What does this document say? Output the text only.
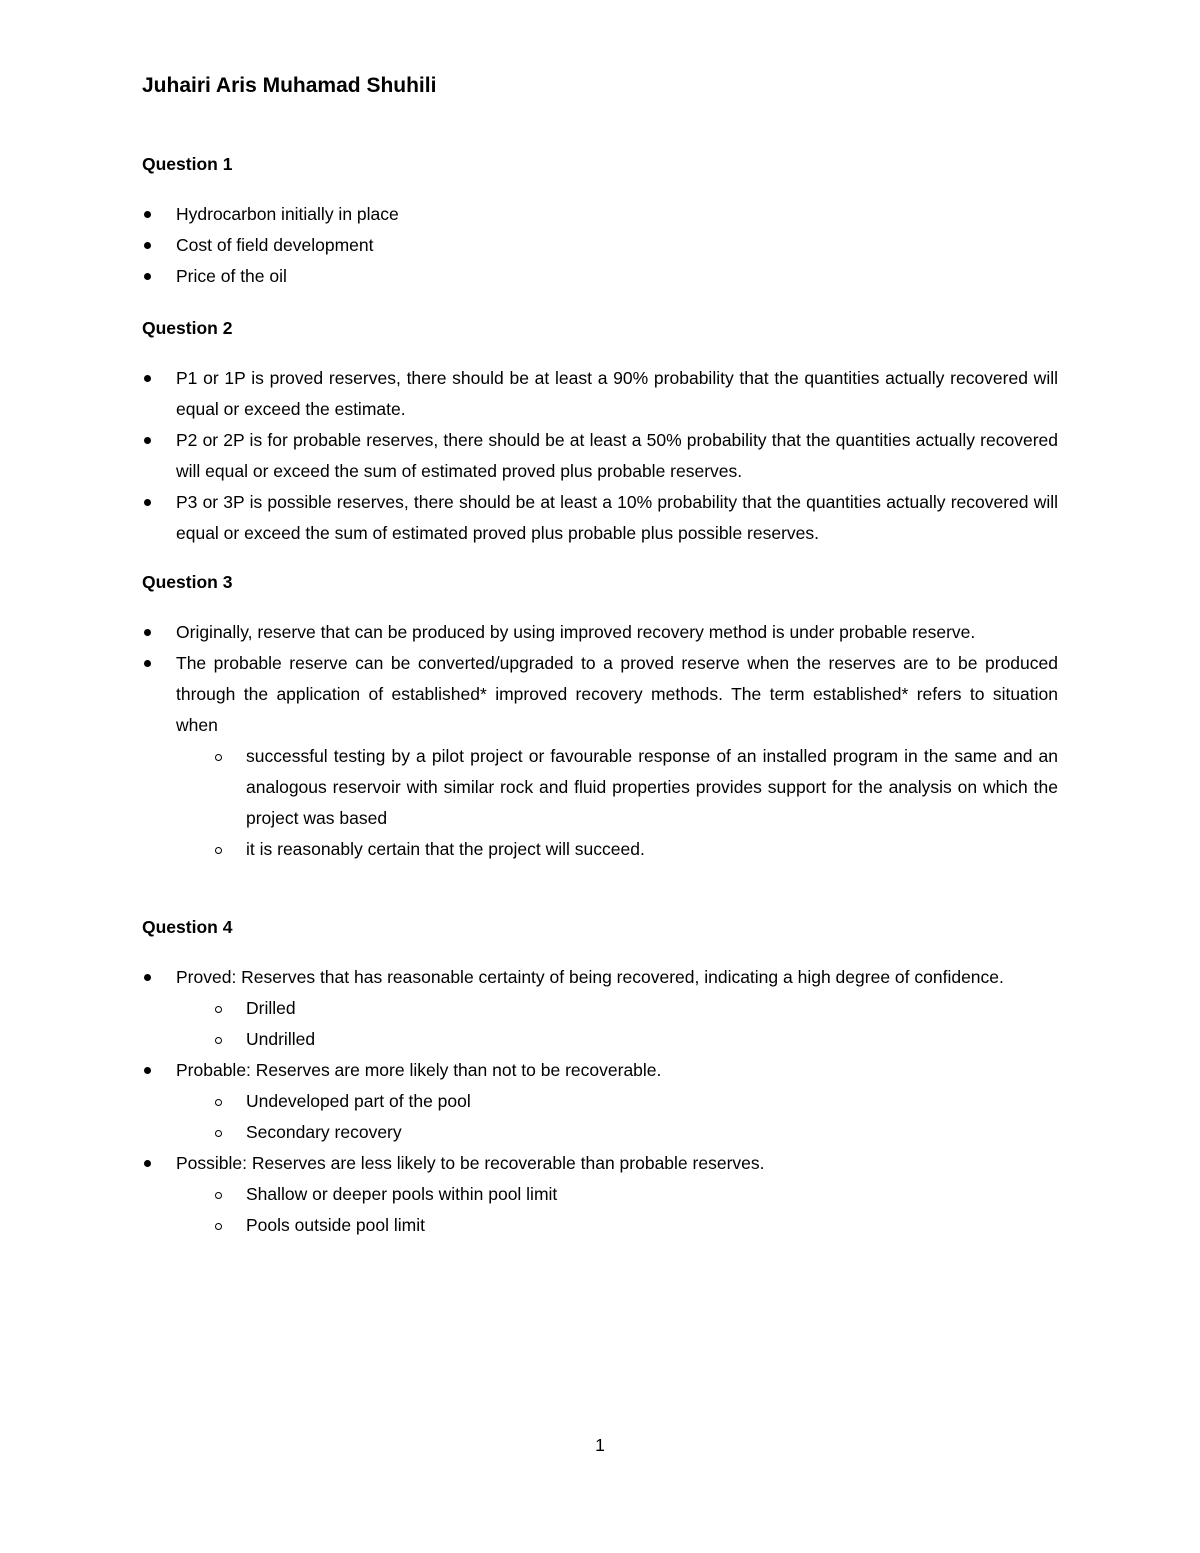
Juhairi Aris Muhamad Shuhili

Question 1

Hydrocarbon initially in place
Cost of field development
Price of the oil

Question 2

P1 or 1P is proved reserves, there should be at least a 90% probability that the quantities actually recovered will equal or exceed the estimate.
P2 or 2P is for probable reserves, there should be at least a 50% probability that the quantities actually recovered will equal or exceed the sum of estimated proved plus probable reserves.
P3 or 3P is possible reserves, there should be at least a 10% probability that the quantities actually recovered will equal or exceed the sum of estimated proved plus probable plus possible reserves.

Question 3

Originally, reserve that can be produced by using improved recovery method is under probable reserve.
The probable reserve can be converted/upgraded to a proved reserve when the reserves are to be produced through the application of established* improved recovery methods. The term established* refers to situation when
successful testing by a pilot project or favourable response of an installed program in the same and an analogous reservoir with similar rock and fluid properties provides support for the analysis on which the project was based
it is reasonably certain that the project will succeed.

Question 4

Proved: Reserves that has reasonable certainty of being recovered, indicating a high degree of confidence.
Drilled
Undrilled
Probable: Reserves are more likely than not to be recoverable.
Undeveloped part of the pool
Secondary recovery
Possible: Reserves are less likely to be recoverable than probable reserves.
Shallow or deeper pools within pool limit
Pools outside pool limit

1
